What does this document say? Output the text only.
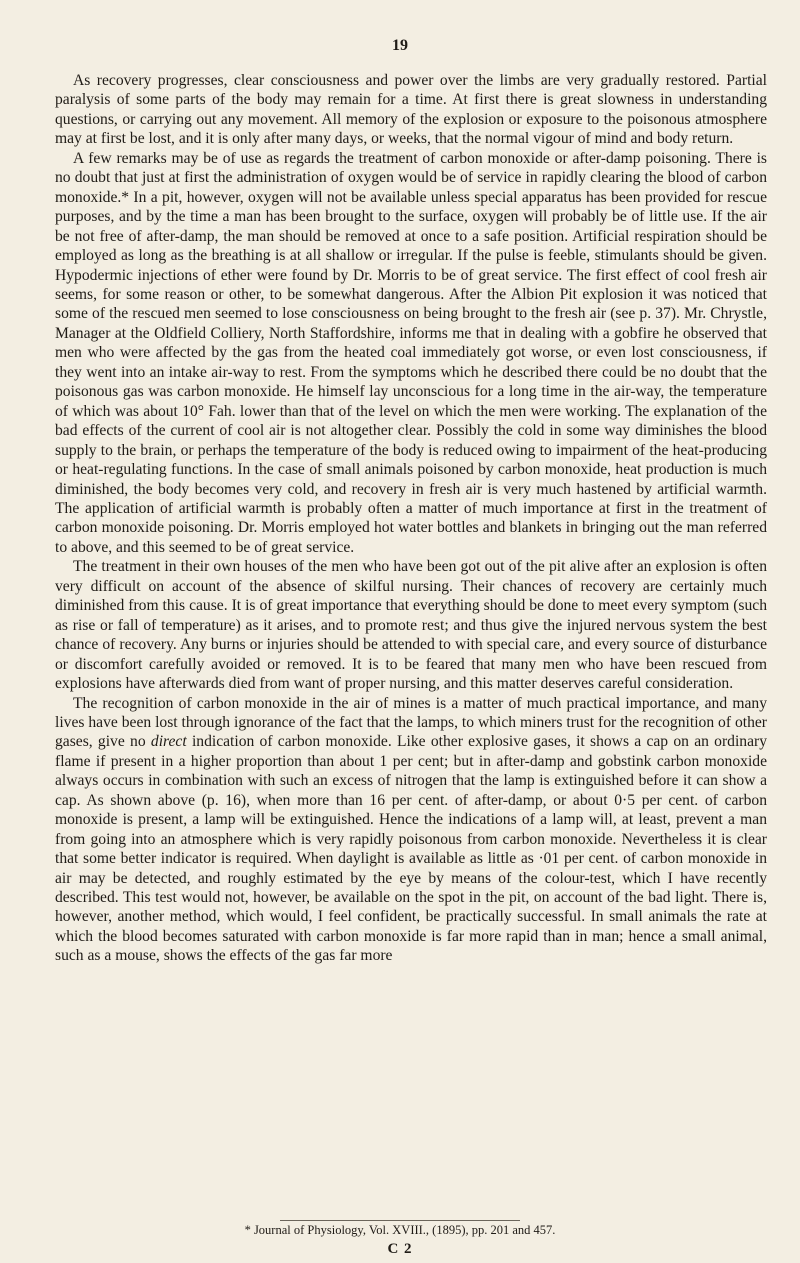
19

As recovery progresses, clear consciousness and power over the limbs are very gradually restored. Partial paralysis of some parts of the body may remain for a time. At first there is great slowness in understanding questions, or carrying out any movement. All memory of the explosion or exposure to the poisonous atmosphere may at first be lost, and it is only after many days, or weeks, that the normal vigour of mind and body return.

A few remarks may be of use as regards the treatment of carbon monoxide or after-damp poisoning. There is no doubt that just at first the administration of oxygen would be of service in rapidly clearing the blood of carbon monoxide.* In a pit, however, oxygen will not be available unless special apparatus has been provided for rescue purposes, and by the time a man has been brought to the surface, oxygen will probably be of little use. If the air be not free of after-damp, the man should be removed at once to a safe position. Artificial respiration should be employed as long as the breathing is at all shallow or irregular. If the pulse is feeble, stimulants should be given. Hypodermic injections of ether were found by Dr. Morris to be of great service. The first effect of cool fresh air seems, for some reason or other, to be somewhat dangerous. After the Albion Pit explosion it was noticed that some of the rescued men seemed to lose consciousness on being brought to the fresh air (see p. 37). Mr. Chrystle, Manager at the Oldfield Colliery, North Staffordshire, informs me that in dealing with a gobfire he observed that men who were affected by the gas from the heated coal immediately got worse, or even lost consciousness, if they went into an intake air-way to rest. From the symptoms which he described there could be no doubt that the poisonous gas was carbon monoxide. He himself lay unconscious for a long time in the air-way, the temperature of which was about 10° Fah. lower than that of the level on which the men were working. The explanation of the bad effects of the current of cool air is not altogether clear. Possibly the cold in some way diminishes the blood supply to the brain, or perhaps the temperature of the body is reduced owing to impairment of the heat-producing or heat-regulating functions. In the case of small animals poisoned by carbon monoxide, heat production is much diminished, the body becomes very cold, and recovery in fresh air is very much hastened by artificial warmth. The application of artificial warmth is probably often a matter of much importance at first in the treatment of carbon monoxide poisoning. Dr. Morris employed hot water bottles and blankets in bringing out the man referred to above, and this seemed to be of great service.

The treatment in their own houses of the men who have been got out of the pit alive after an explosion is often very difficult on account of the absence of skilful nursing. Their chances of recovery are certainly much diminished from this cause. It is of great importance that everything should be done to meet every symptom (such as rise or fall of temperature) as it arises, and to promote rest; and thus give the injured nervous system the best chance of recovery. Any burns or injuries should be attended to with special care, and every source of disturbance or discomfort carefully avoided or removed. It is to be feared that many men who have been rescued from explosions have afterwards died from want of proper nursing, and this matter deserves careful consideration.

The recognition of carbon monoxide in the air of mines is a matter of much practical importance, and many lives have been lost through ignorance of the fact that the lamps, to which miners trust for the recognition of other gases, give no direct indication of carbon monoxide. Like other explosive gases, it shows a cap on an ordinary flame if present in a higher proportion than about 1 per cent; but in after-damp and gobstink carbon monoxide always occurs in combination with such an excess of nitrogen that the lamp is extinguished before it can show a cap. As shown above (p. 16), when more than 16 per cent. of after-damp, or about 0·5 per cent. of carbon monoxide is present, a lamp will be extinguished. Hence the indications of a lamp will, at least, prevent a man from going into an atmosphere which is very rapidly poisonous from carbon monoxide. Nevertheless it is clear that some better indicator is required. When daylight is available as little as ·01 per cent. of carbon monoxide in air may be detected, and roughly estimated by the eye by means of the colour-test, which I have recently described. This test would not, however, be available on the spot in the pit, on account of the bad light. There is, however, another method, which would, I feel confident, be practically successful. In small animals the rate at which the blood becomes saturated with carbon monoxide is far more rapid than in man; hence a small animal, such as a mouse, shows the effects of the gas far more

* Journal of Physiology, Vol. XVIII., (1895), pp. 201 and 457.
C 2
